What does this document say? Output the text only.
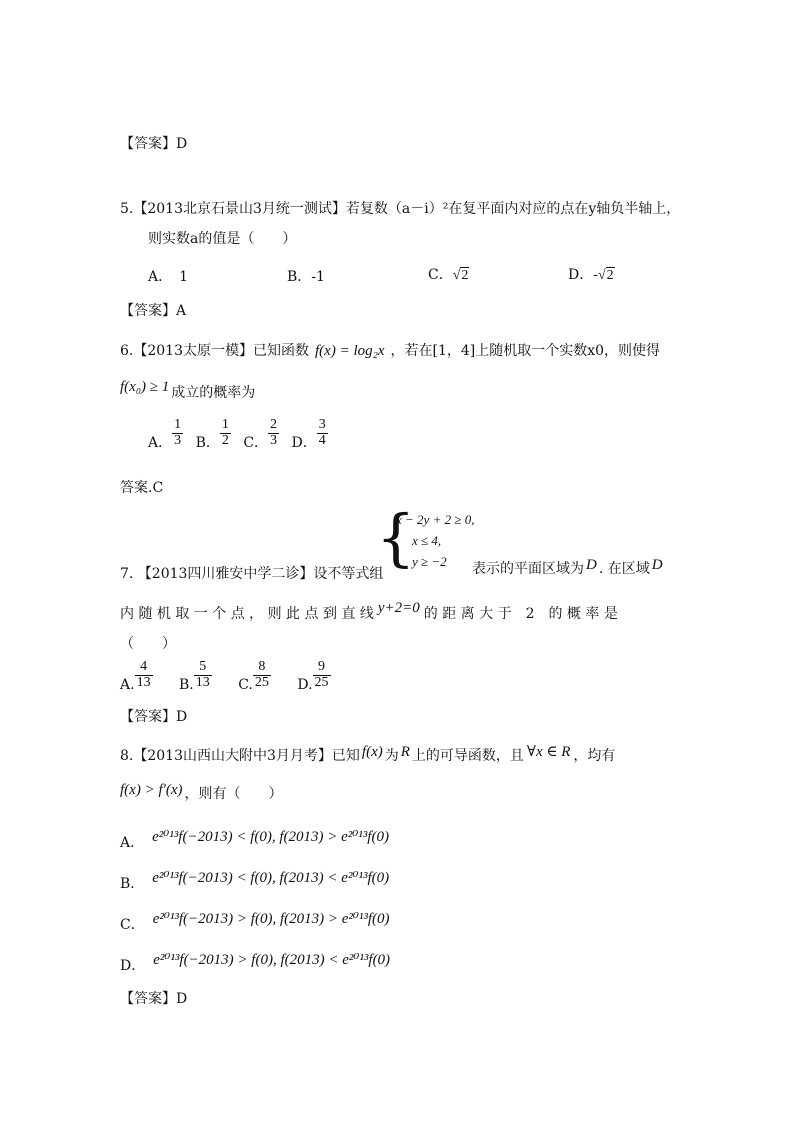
【答案】D
5.【2013北京石景山3月统一测试】若复数（a－i）²在复平面内对应的点在y轴负半轴上，
则实数a的值是（　　）
A．　1	B．-1	C．√2	D．-√2
【答案】A
6.【2013太原一模】已知函数 f(x) = log₂x ，若在[1，4]上随机取一个实数x0，则使得
f(x₀) ≥ 1 成立的概率为
A． $\frac{1}{3}$ B． $\frac{1}{2}$ C． $\frac{2}{3}$ D． $\frac{3}{4}$
答案.C
{
x − 2y + 2 ≥ 0,
x ≤ 4,
y ≥ −2
7. 【2013四川雅安中学二诊】设不等式组	表示的平面区域为 D . 在区域 D
内 随 机 取 一 个 点 ， 则 此 点 到 直 线 y+2=0 的 距 离 大 于　2　的 概 率 是
（　　）
A. $\frac{4}{13} B$. $\frac{5}{13} C$. $\frac{8}{25} D$. $\frac{9}{25}$
【答案】D
8.【2013山西山大附中3月月考】已知 f(x) 为 R 上的可导函数，且 ∀x ∈ R ，均有
f(x) > f′(x) ，则有（　　）
A． e²⁰¹³f(−2013) < f(0), f(2013) > e²⁰¹³f(0)
B． e²⁰¹³f(−2013) < f(0), f(2013) < e²⁰¹³f(0)
C． e²⁰¹³f(−2013) > f(0), f(2013) > e²⁰¹³f(0)
D． e²⁰¹³f(−2013) > f(0), f(2013) < e²⁰¹³f(0)
【答案】D
